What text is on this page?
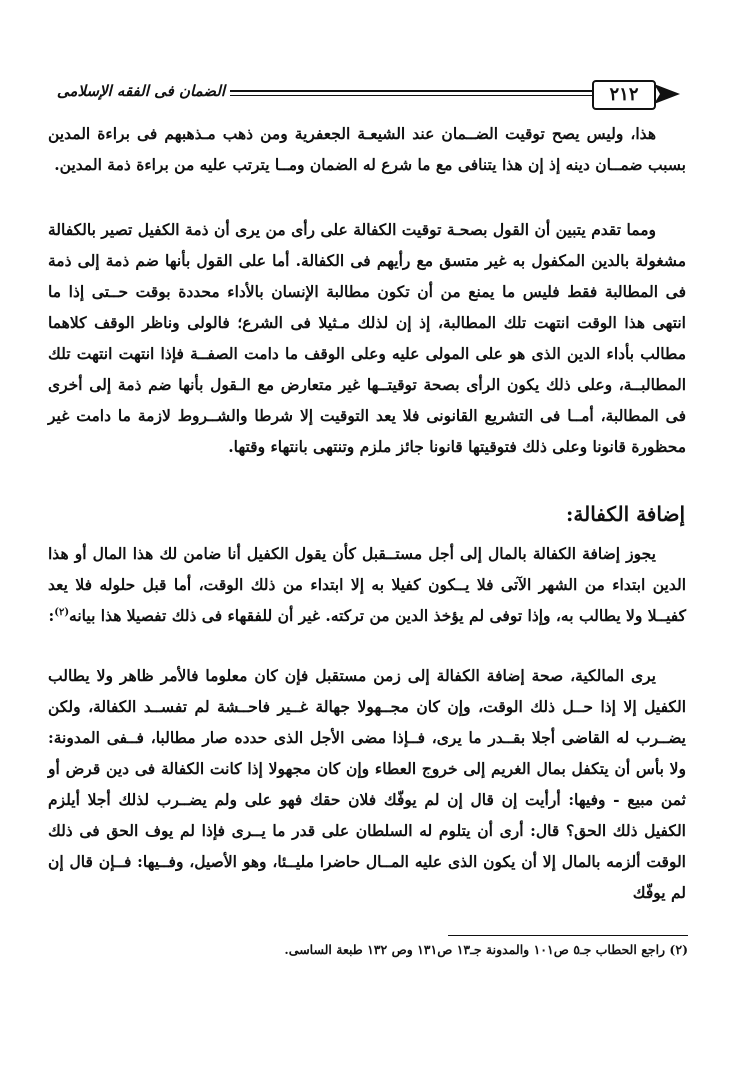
الضمان فى الفقه الإسلامى	٢١٢
هذا، وليس يصح توقيت الضــمان عند الشيعـة الجعفرية ومن ذهب مـذهبهم فى براءة المدين بسبب ضمــان دينه إذ إن هذا يتنافى مع ما شرع له الضمان ومــا يترتب عليه من براءة ذمة المدين.
ومما تقدم يتبين أن القول بصحـة توقيت الكفالة على رأى من يرى أن ذمة الكفيل تصير بالكفالة مشغولة بالدين المكفول به غير متسق مع رأيهم فى الكفالة. أما على القول بأنها ضم ذمة إلى ذمة فى المطالبة فقط فليس ما يمنع من أن تكون مطالبة الإنسان بالأداء محددة بوقت حــتى إذا ما انتهى هذا الوقت انتهت تلك المطالبة، إذ إن لذلك مـثيلا فى الشرع؛ فالولى وناظر الوقف كلاهما مطالب بأداء الدين الذى هو على المولى عليه وعلى الوقف ما دامت الصفــة فإذا انتهت انتهت تلك المطالبــة، وعلى ذلك يكون الرأى بصحة توقيتــها غير متعارض مع الـقول بأنها ضم ذمة إلى أخرى فى المطالبة، أمــا فى التشريع القانونى فلا يعد التوقيت إلا شرطا والشــروط لازمة ما دامت غير محظورة قانونا وعلى ذلك فتوقيتها قانونا جائز ملزم وتنتهى بانتهاء وقتها.
إضافة الكفالة:
يجوز إضافة الكفالة بالمال إلى أجل مستــقبل كأن يقول الكفيل أنا ضامن لك هذا المال أو هذا الدين ابتداء من الشهر الآتى فلا يــكون كفيلا به إلا ابتداء من ذلك الوقت، أما قبل حلوله فلا يعد كفيــلا ولا يطالب به، وإذا توفى لم يؤخذ الدين من تركته. غير أن للفقهاء فى ذلك تفصيلا هذا بيانه$^{(٢)}$:
يرى المالكية، صحة إضافة الكفالة إلى زمن مستقبل فإن كان معلوما فالأمر ظاهر ولا يطالب الكفيل إلا إذا حــل ذلك الوقت، وإن كان مجــهولا جهالة غــير فاحــشة لم تفســد الكفالة، ولكن يضــرب له القاضى أجلا بقــدر ما يرى، فــإذا مضى الأجل الذى حدده صار مطالبا، فــفى المدونة: ولا بأس أن يتكفل بمال الغريم إلى خروج العطاء وإن كان مجهولا إذا كانت الكفالة فى دين قرض أو ثمن مبيع - وفيها: أرأيت إن قال إن لم يوفّك فلان حقك فهو على ولم يضــرب لذلك أجلا أيلزم الكفيل ذلك الحق؟ قال: أرى أن يتلوم له السلطان على قدر ما يــرى فإذا لم يوف الحق فى ذلك الوقت ألزمه بالمال إلا أن يكون الذى عليه المــال حاضرا مليــئا، وهو الأصيل، وفــيها: فــإن قال إن لم يوفّك
(٢) راجع الحطاب جـ٥ ص١٠١ والمدونة جـ١٣ ص١٣١ وص ١٣٢ طبعة الساسى.
